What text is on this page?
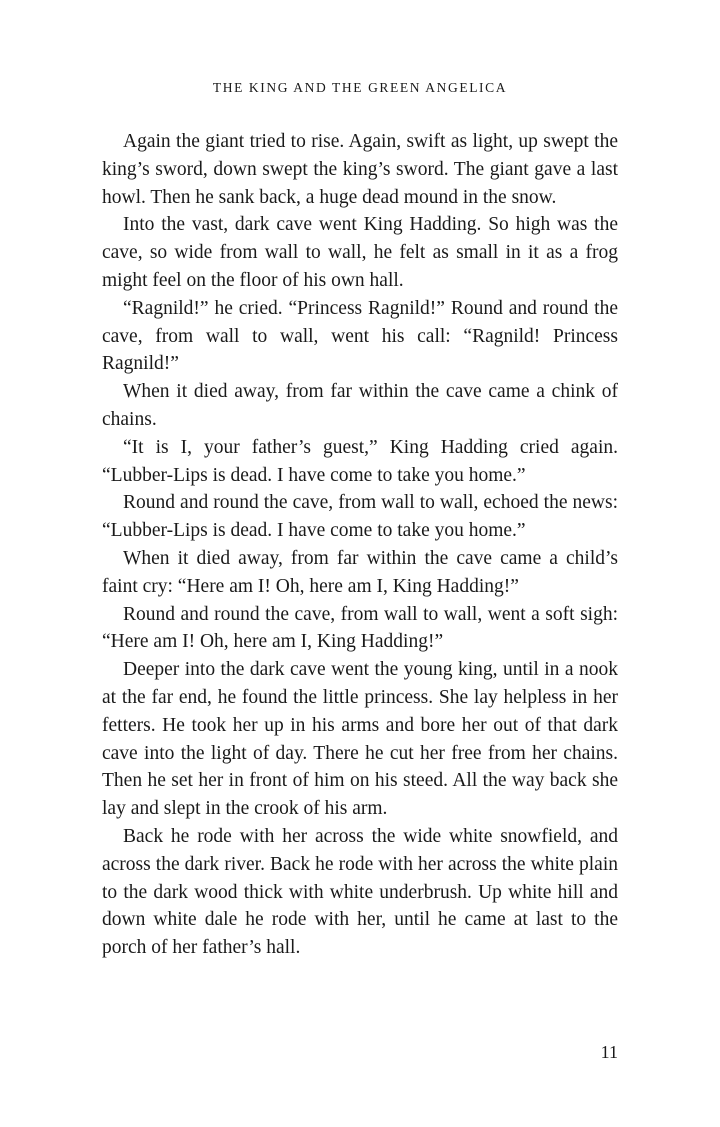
THE KING AND THE GREEN ANGELICA

Again the giant tried to rise. Again, swift as light, up swept the king’s sword, down swept the king’s sword. The giant gave a last howl. Then he sank back, a huge dead mound in the snow.

Into the vast, dark cave went King Hadding. So high was the cave, so wide from wall to wall, he felt as small in it as a frog might feel on the floor of his own hall.

“Ragnild!” he cried. “Princess Ragnild!” Round and round the cave, from wall to wall, went his call: “Ragnild! Princess Ragnild!”

When it died away, from far within the cave came a chink of chains.

“It is I, your father’s guest,” King Hadding cried again. “Lubber-Lips is dead. I have come to take you home.”

Round and round the cave, from wall to wall, echoed the news: “Lubber-Lips is dead. I have come to take you home.”

When it died away, from far within the cave came a child’s faint cry: “Here am I! Oh, here am I, King Hadding!”

Round and round the cave, from wall to wall, went a soft sigh: “Here am I! Oh, here am I, King Hadding!”

Deeper into the dark cave went the young king, until in a nook at the far end, he found the little princess. She lay helpless in her fetters. He took her up in his arms and bore her out of that dark cave into the light of day. There he cut her free from her chains. Then he set her in front of him on his steed. All the way back she lay and slept in the crook of his arm.

Back he rode with her across the wide white snowfield, and across the dark river. Back he rode with her across the white plain to the dark wood thick with white underbrush. Up white hill and down white dale he rode with her, until he came at last to the porch of her father’s hall.

11
